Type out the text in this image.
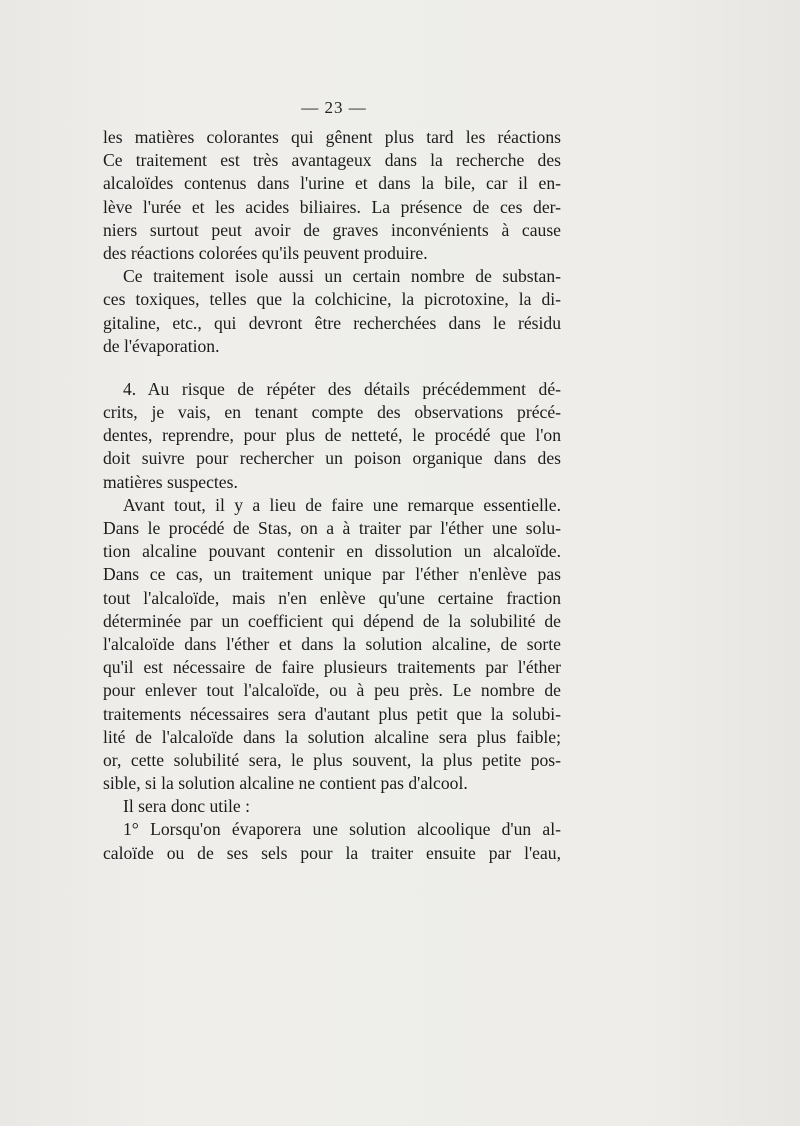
— 23 —
les matières colorantes qui gênent plus tard les réactions
Ce traitement est très avantageux dans la recherche des
alcaloïdes contenus dans l'urine et dans la bile, car il en-
lève l'urée et les acides biliaires. La présence de ces der-
niers surtout peut avoir de graves inconvénients à cause
des réactions colorées qu'ils peuvent produire.
Ce traitement isole aussi un certain nombre de substan-
ces toxiques, telles que la colchicine, la picrotoxine, la di-
gitaline, etc., qui devront être recherchées dans le résidu
de l'évaporation.
4. Au risque de répéter des détails précédemment dé-
crits, je vais, en tenant compte des observations précé-
dentes, reprendre, pour plus de netteté, le procédé que l'on
doit suivre pour rechercher un poison organique dans des
matières suspectes.
Avant tout, il y a lieu de faire une remarque essentielle.
Dans le procédé de Stas, on a à traiter par l'éther une solu-
tion alcaline pouvant contenir en dissolution un alcaloïde.
Dans ce cas, un traitement unique par l'éther n'enlève pas
tout l'alcaloïde, mais n'en enlève qu'une certaine fraction
déterminée par un coefficient qui dépend de la solubilité de
l'alcaloïde dans l'éther et dans la solution alcaline, de sorte
qu'il est nécessaire de faire plusieurs traitements par l'éther
pour enlever tout l'alcaloïde, ou à peu près. Le nombre de
traitements nécessaires sera d'autant plus petit que la solubi-
lité de l'alcaloïde dans la solution alcaline sera plus faible;
or, cette solubilité sera, le plus souvent, la plus petite pos-
sible, si la solution alcaline ne contient pas d'alcool.
Il sera donc utile :
1° Lorsqu'on évaporera une solution alcoolique d'un al-
caloïde ou de ses sels pour la traiter ensuite par l'eau,
